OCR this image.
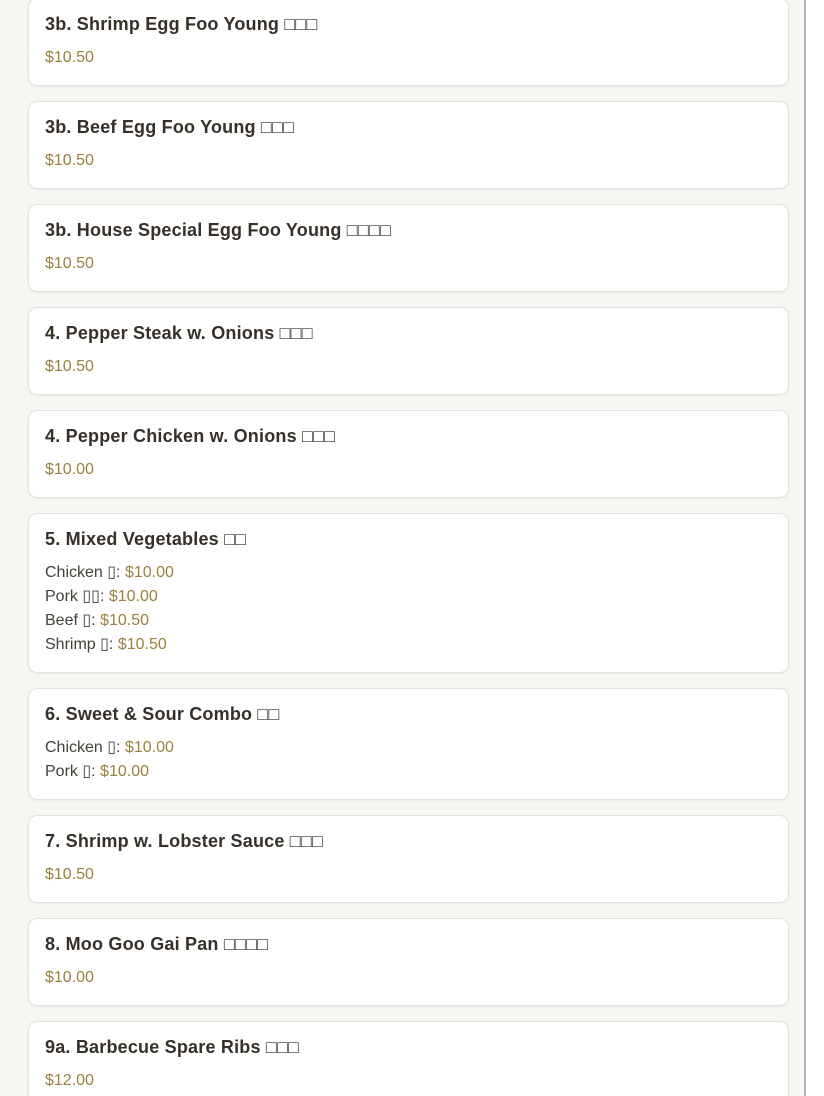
3b. Shrimp Egg Foo Young □□□
$10.50
3b. Beef Egg Foo Young □□□
$10.50
3b. House Special Egg Foo Young □□□□
$10.50
4. Pepper Steak w. Onions □□□
$10.50
4. Pepper Chicken w. Onions □□□
$10.00
5. Mixed Vegetables □□
Chicken ▯: $10.00
Pork ▯▯: $10.00
Beef ▯: $10.50
Shrimp ▯: $10.50
6. Sweet & Sour Combo □□
Chicken ▯: $10.00
Pork ▯: $10.00
7. Shrimp w. Lobster Sauce □□□
$10.50
8. Moo Goo Gai Pan □□□□
$10.00
9a. Barbecue Spare Ribs □□□
$12.00
